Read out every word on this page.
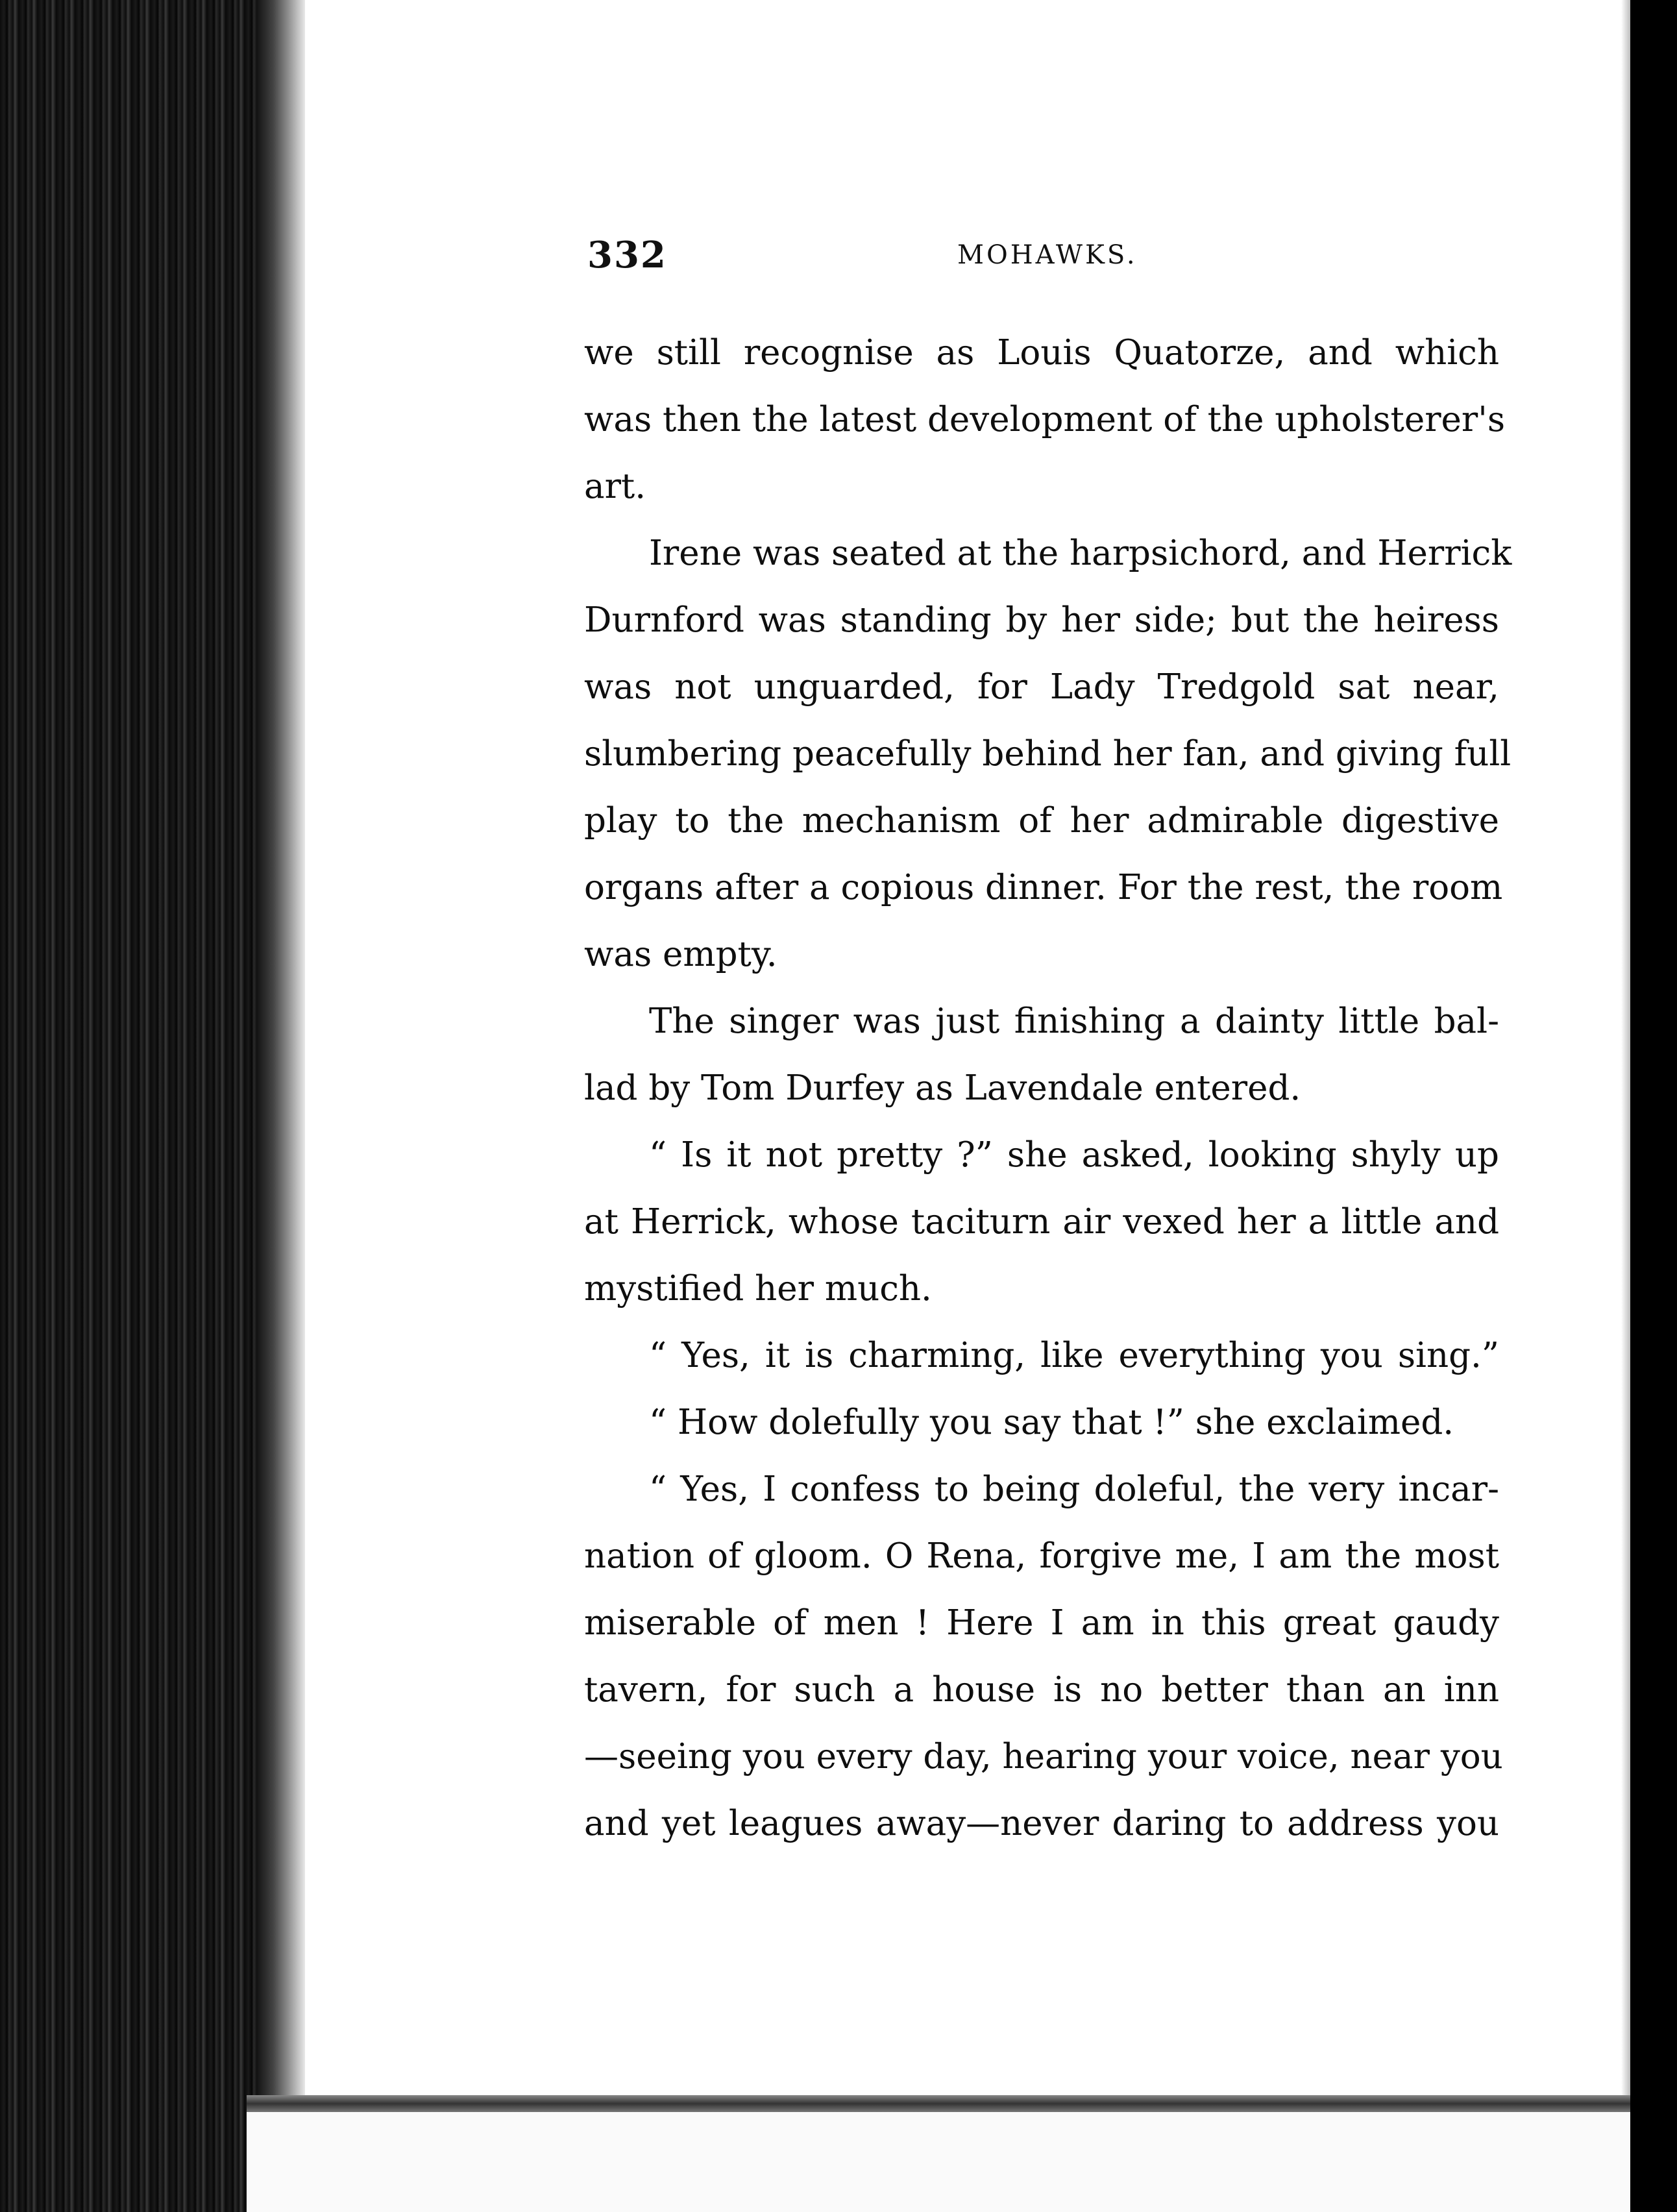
332	MOHAWKS.
we still recognise as Louis Quatorze, and which
was then the latest development of the upholsterer's
art.
Irene was seated at the harpsichord, and Herrick
Durnford was standing by her side; but the heiress
was not unguarded, for Lady Tredgold sat near,
slumbering peacefully behind her fan, and giving full
play to the mechanism of her admirable digestive
organs after a copious dinner. For the rest, the room
was empty.
The singer was just finishing a dainty little bal-
lad by Tom Durfey as Lavendale entered.
“ Is it not pretty ?” she asked, looking shyly up
at Herrick, whose taciturn air vexed her a little and
mystified her much.
“ Yes, it is charming, like everything you sing.”
“ How dolefully you say that !” she exclaimed.
“ Yes, I confess to being doleful, the very incar-
nation of gloom. O Rena, forgive me, I am the most
miserable of men ! Here I am in this great gaudy
tavern, for such a house is no better than an inn
—seeing you every day, hearing your voice, near you
and yet leagues away—never daring to address you
